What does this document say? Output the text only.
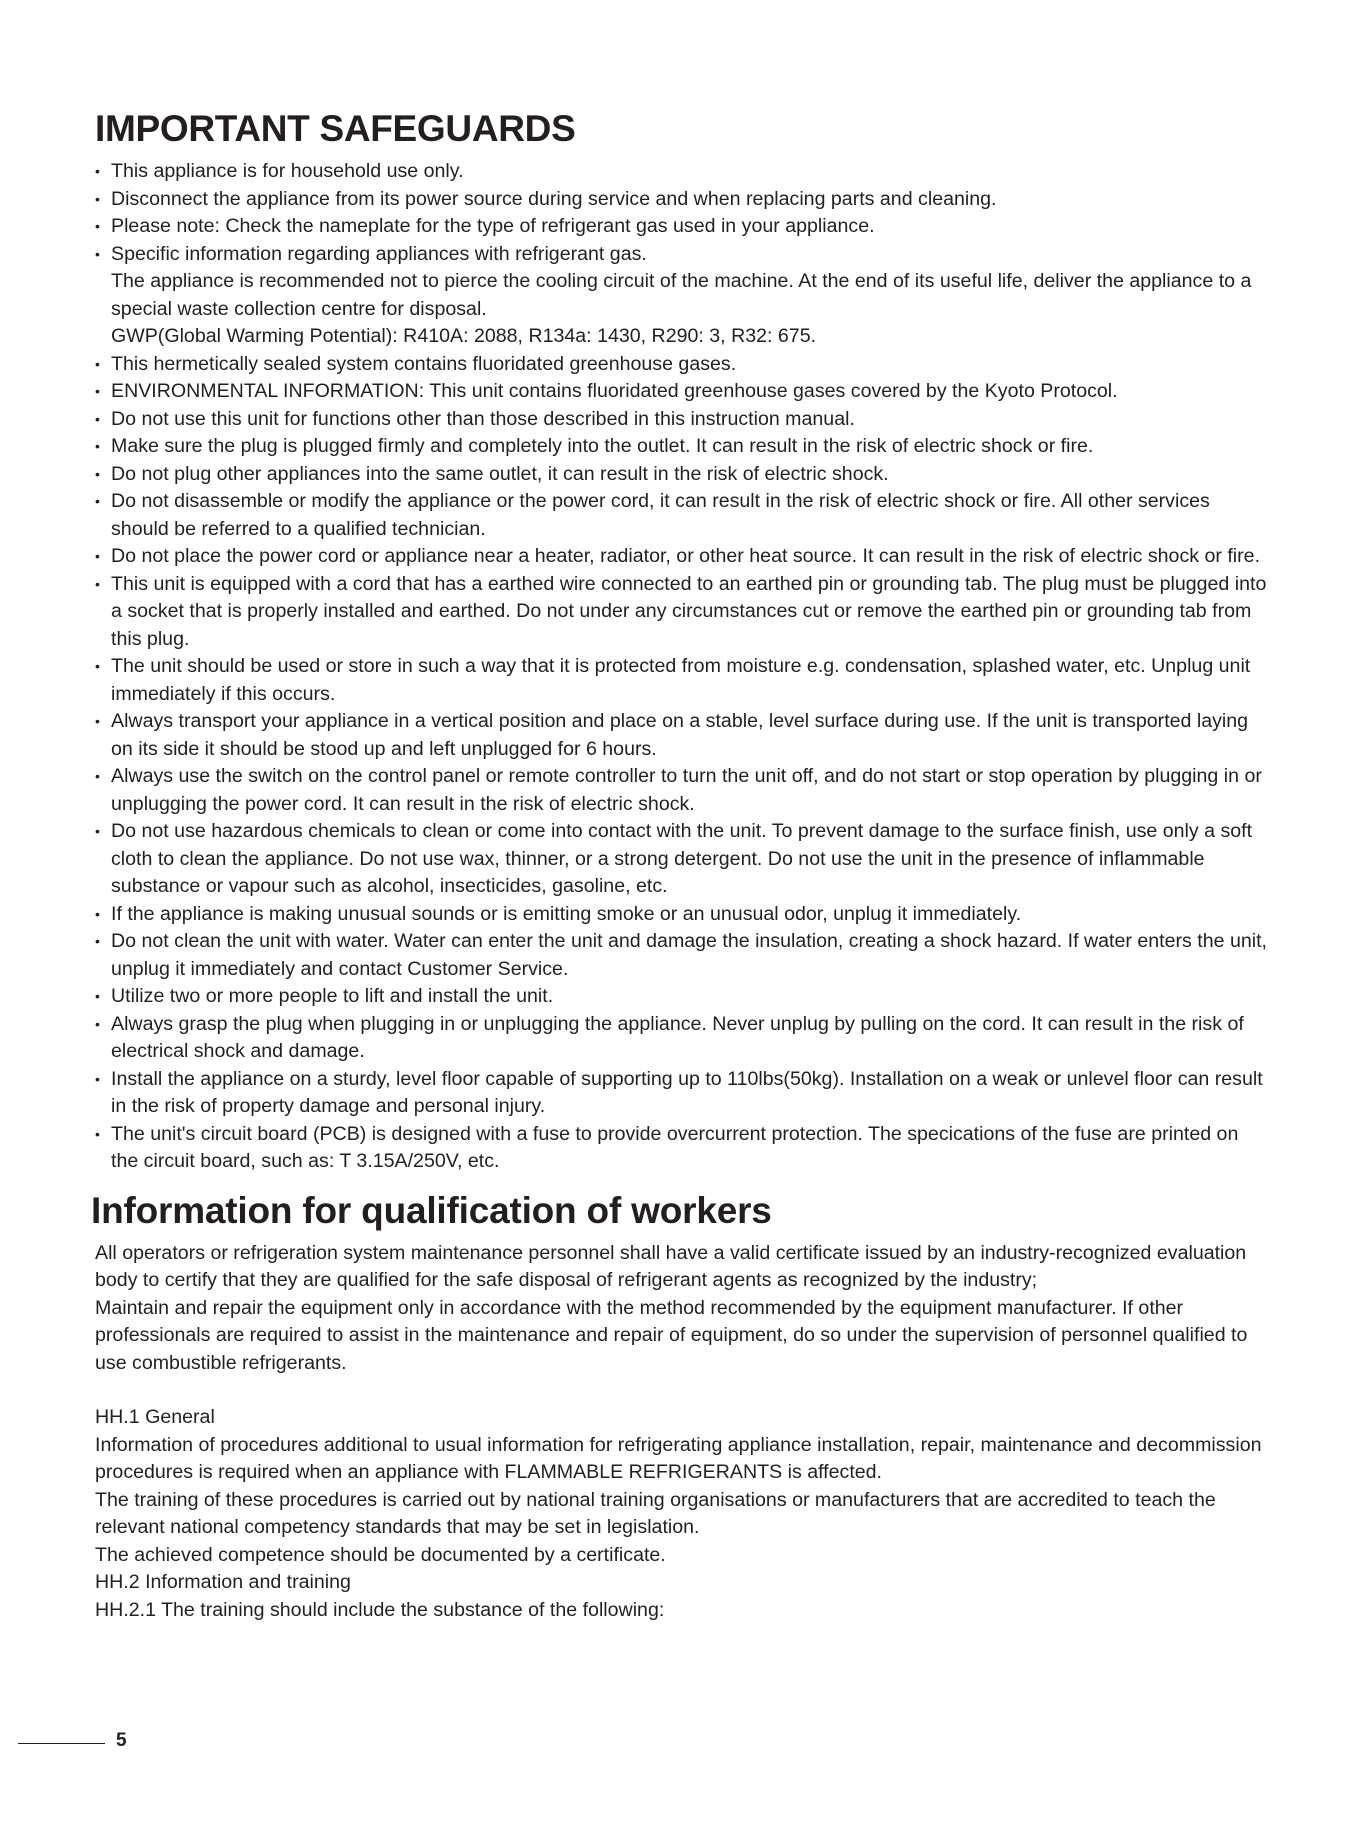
IMPORTANT SAFEGUARDS
• This appliance is for household use only.
• Disconnect the appliance from its power source during service and when replacing parts and cleaning.
• Please note: Check the nameplate for the type of refrigerant gas used in your appliance.
• Specific information regarding appliances with refrigerant gas.
The appliance is recommended not to pierce the cooling circuit of the machine. At the end of its useful life, deliver the appliance to a special waste collection centre for disposal.
GWP(Global Warming Potential): R410A: 2088, R134a: 1430, R290: 3, R32: 675.
• This hermetically sealed system contains fluoridated greenhouse gases.
• ENVIRONMENTAL INFORMATION: This unit contains fluoridated greenhouse gases covered by the Kyoto Protocol.
• Do not use this unit for functions other than those described in this instruction manual.
• Make sure the plug is plugged firmly and completely into the outlet. It can result in the risk of electric shock or fire.
• Do not plug other appliances into the same outlet, it can result in the risk of electric shock.
• Do not disassemble or modify the appliance or the power cord, it can result in the risk of electric shock or fire. All other services should be referred to a qualified technician.
• Do not place the power cord or appliance near a heater, radiator, or other heat source. It can result in the risk of electric shock or fire.
• This unit is equipped with a cord that has a earthed wire connected to an earthed pin or grounding tab. The plug must be plugged into a socket that is properly installed and earthed. Do not under any circumstances cut or remove the earthed pin or grounding tab from this plug.
• The unit should be used or store in such a way that it is protected from moisture e.g. condensation, splashed water, etc. Unplug unit immediately if this occurs.
• Always transport your appliance in a vertical position and place on a stable, level surface during use. If the unit is transported laying on its side it should be stood up and left unplugged for 6 hours.
• Always use the switch on the control panel or remote controller to turn the unit off, and do not start or stop operation by plugging in or unplugging the power cord. It can result in the risk of electric shock.
• Do not use hazardous chemicals to clean or come into contact with the unit. To prevent damage to the surface finish, use only a soft cloth to clean the appliance. Do not use wax, thinner, or a strong detergent. Do not use the unit in the presence of inflammable substance or vapour such as alcohol, insecticides, gasoline, etc.
• If the appliance is making unusual sounds or is emitting smoke or an unusual odor, unplug it immediately.
• Do not clean the unit with water. Water can enter the unit and damage the insulation, creating a shock hazard. If water enters the unit, unplug it immediately and contact Customer Service.
• Utilize two or more people to lift and install the unit.
• Always grasp the plug when plugging in or unplugging the appliance. Never unplug by pulling on the cord. It can result in the risk of electrical shock and damage.
• Install the appliance on a sturdy, level floor capable of supporting up to 110lbs(50kg). Installation on a weak or unlevel floor can result in the risk of property damage and personal injury.
• The unit's circuit board (PCB) is designed with a fuse to provide overcurrent protection. The specications of the fuse are printed on the circuit board, such as: T 3.15A/250V, etc.
Information for qualification of workers

All operators or refrigeration system maintenance personnel shall have a valid certificate issued by an industry-recognized evaluation body to certify that they are qualified for the safe disposal of refrigerant agents as recognized by the industry;

Maintain and repair the equipment only in accordance with the method recommended by the equipment manufacturer. If other professionals are required to assist in the maintenance and repair of equipment, do so under the supervision of personnel qualified to use combustible refrigerants.

HH.1 General

Information of procedures additional to usual information for refrigerating appliance installation, repair, maintenance and decommission procedures is required when an appliance with FLAMMABLE REFRIGERANTS is affected.

The training of these procedures is carried out by national training organisations or manufacturers that are accredited to teach the relevant national competency standards that may be set in legislation.

The achieved competence should be documented by a certificate.

HH.2 Information and training

HH.2.1 The training should include the substance of the following:

5
